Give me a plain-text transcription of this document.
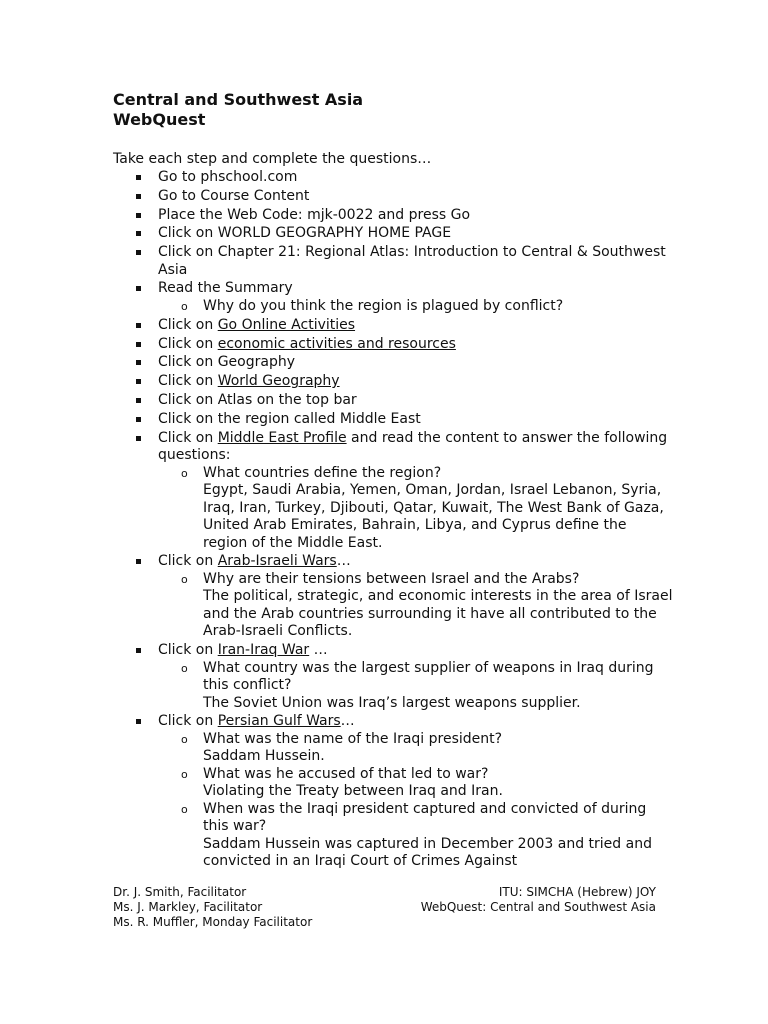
Central and Southwest Asia
WebQuest
Take each step and complete the questions…
Go to phschool.com
Go to Course Content
Place the Web Code: mjk-0022 and press Go
Click on WORLD GEOGRAPHY HOME PAGE
Click on Chapter 21: Regional Atlas: Introduction to Central & Southwest Asia
Read the Summary
o Why do you think the region is plagued by conflict?
Click on Go Online Activities
Click on economic activities and resources
Click on Geography
Click on World Geography
Click on Atlas on the top bar
Click on the region called Middle East
Click on Middle East Profile and read the content to answer the following questions:
o What countries define the region?
Egypt, Saudi Arabia, Yemen, Oman, Jordan, Israel Lebanon, Syria, Iraq, Iran, Turkey, Djibouti, Qatar, Kuwait, The West Bank of Gaza, United Arab Emirates, Bahrain, Libya, and Cyprus define the region of the Middle East.
Click on Arab-Israeli Wars…
o Why are their tensions between Israel and the Arabs?
The political, strategic, and economic interests in the area of Israel and the Arab countries surrounding it have all contributed to the Arab-Israeli Conflicts.
Click on Iran-Iraq War …
o What country was the largest supplier of weapons in Iraq during this conflict?
The Soviet Union was Iraq’s largest weapons supplier.
Click on Persian Gulf Wars…
o What was the name of the Iraqi president?
Saddam Hussein.
o What was he accused of that led to war?
Violating the Treaty between Iraq and Iran.
o When was the Iraqi president captured and convicted of during this war?
Saddam Hussein was captured in December 2003 and tried and convicted in an Iraqi Court of Crimes Against
Dr. J. Smith, Facilitator
Ms. J. Markley, Facilitator
Ms. R. Muffler, Monday Facilitator
ITU: SIMCHA (Hebrew) JOY
WebQuest: Central and Southwest Asia
